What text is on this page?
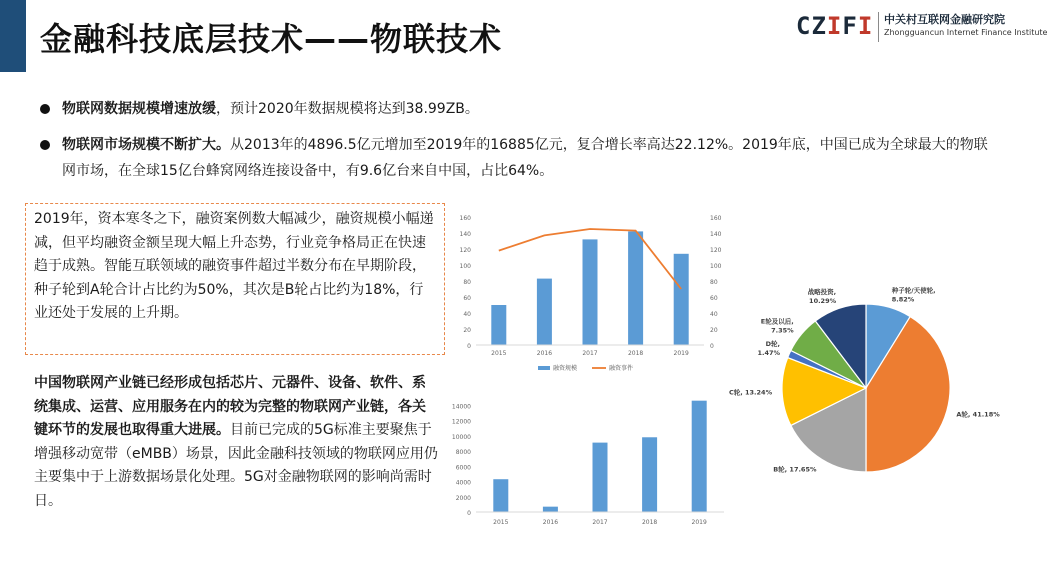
金融科技底层技术——物联技术	CZIFI 中关村互联网金融研究院
Zhongguancun Internet Finance Institute
物联网数据规模增速放缓，预计2020年数据规模将达到38.99ZB。
物联网市场规模不断扩大。从2013年的4896.5亿元增加至2019年的16885亿元，复合增长率高达22.12%。2019年底，中国已成为全球最大的物联网市场，在全球15亿台蜂窝网络连接设备中，有9.6亿台来自中国，占比64%。
2019年，资本寒冬之下，融资案例数大幅减少，融资规模小幅递减，但平均融资金额呈现大幅上升态势，行业竞争格局正在快速趋于成熟。智能互联领域的融资事件超过半数分布在早期阶段，种子轮到A轮合计占比约为50%，其次是B轮占比约为18%，行业还处于发展的上升期。
中国物联网产业链已经形成包括芯片、元器件、设备、软件、系统集成、运营、应用服务在内的较为完整的物联网产业链，各关键环节的发展也取得重大进展。目前已完成的5G标准主要聚焦于增强移动宽带（eMBB）场景，因此金融科技领域的物联网应用仍主要集中于上游数据场景化处理。5G对金融物联网的影响尚需时日。
0	0
20	20
40	40
60	60
80	80
100	100
120	120
140	140
160	160
2015	2016	2017	2018	2019
融资规模	融资事件
0
2000
4000
6000
8000
10000
12000
14000
2015	2016	2017	2018	2019
种子轮/天使轮,
8.82%
A轮, 41.18%
B轮, 17.65%
C轮, 13.24%
D轮,
1.47%
E轮及以后,
7.35%
战略投资,
10.29%
